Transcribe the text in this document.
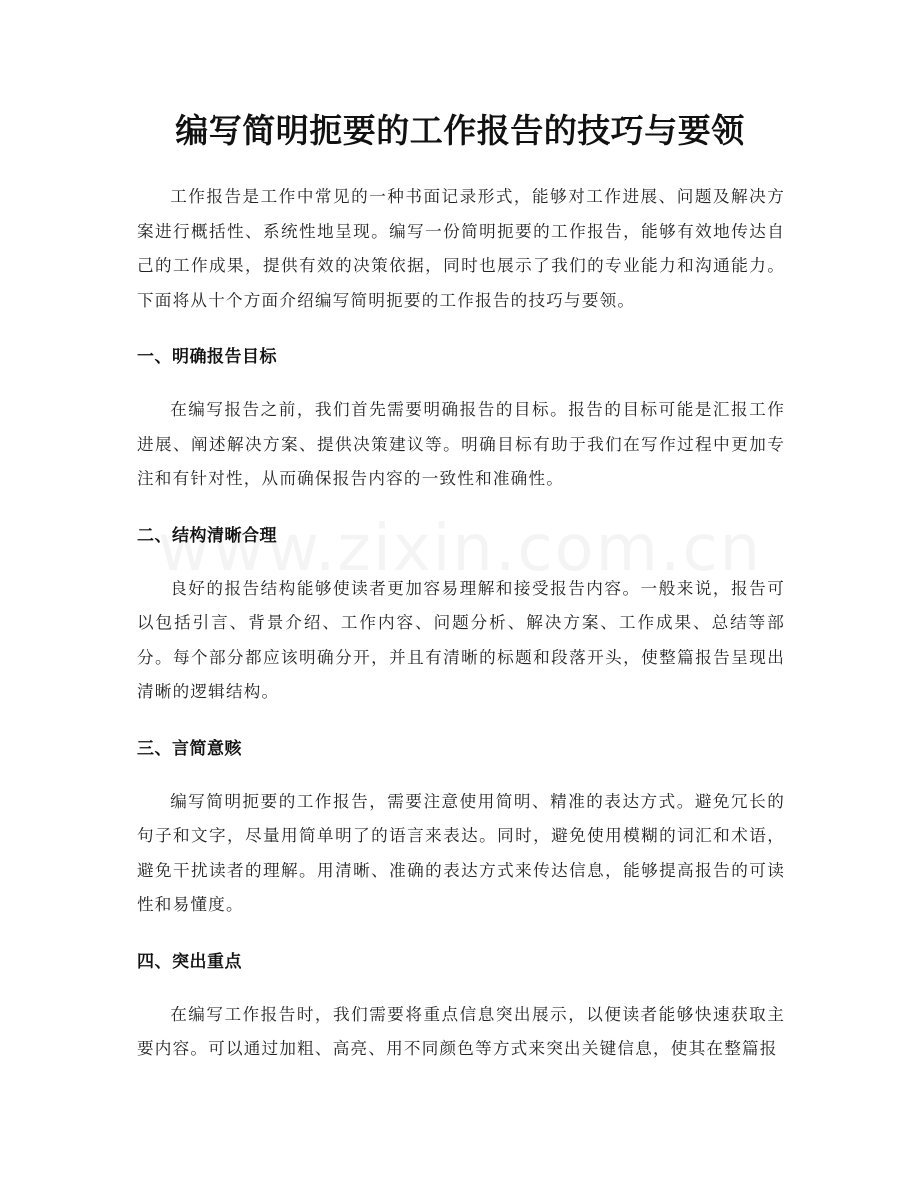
编写简明扼要的工作报告的技巧与要领

工作报告是工作中常见的一种书面记录形式，能够对工作进展、问题及解决方案进行概括性、系统性地呈现。编写一份简明扼要的工作报告，能够有效地传达自己的工作成果，提供有效的决策依据，同时也展示了我们的专业能力和沟通能力。下面将从十个方面介绍编写简明扼要的工作报告的技巧与要领。

一、明确报告目标

在编写报告之前，我们首先需要明确报告的目标。报告的目标可能是汇报工作进展、阐述解决方案、提供决策建议等。明确目标有助于我们在写作过程中更加专注和有针对性，从而确保报告内容的一致性和准确性。

二、结构清晰合理

良好的报告结构能够使读者更加容易理解和接受报告内容。一般来说，报告可以包括引言、背景介绍、工作内容、问题分析、解决方案、工作成果、总结等部分。每个部分都应该明确分开，并且有清晰的标题和段落开头，使整篇报告呈现出清晰的逻辑结构。

三、言简意赅

编写简明扼要的工作报告，需要注意使用简明、精准的表达方式。避免冗长的句子和文字，尽量用简单明了的语言来表达。同时，避免使用模糊的词汇和术语，避免干扰读者的理解。用清晰、准确的表达方式来传达信息，能够提高报告的可读性和易懂度。

四、突出重点

在编写工作报告时，我们需要将重点信息突出展示，以便读者能够快速获取主要内容。可以通过加粗、高亮、用不同颜色等方式来突出关键信息，使其在整篇报
